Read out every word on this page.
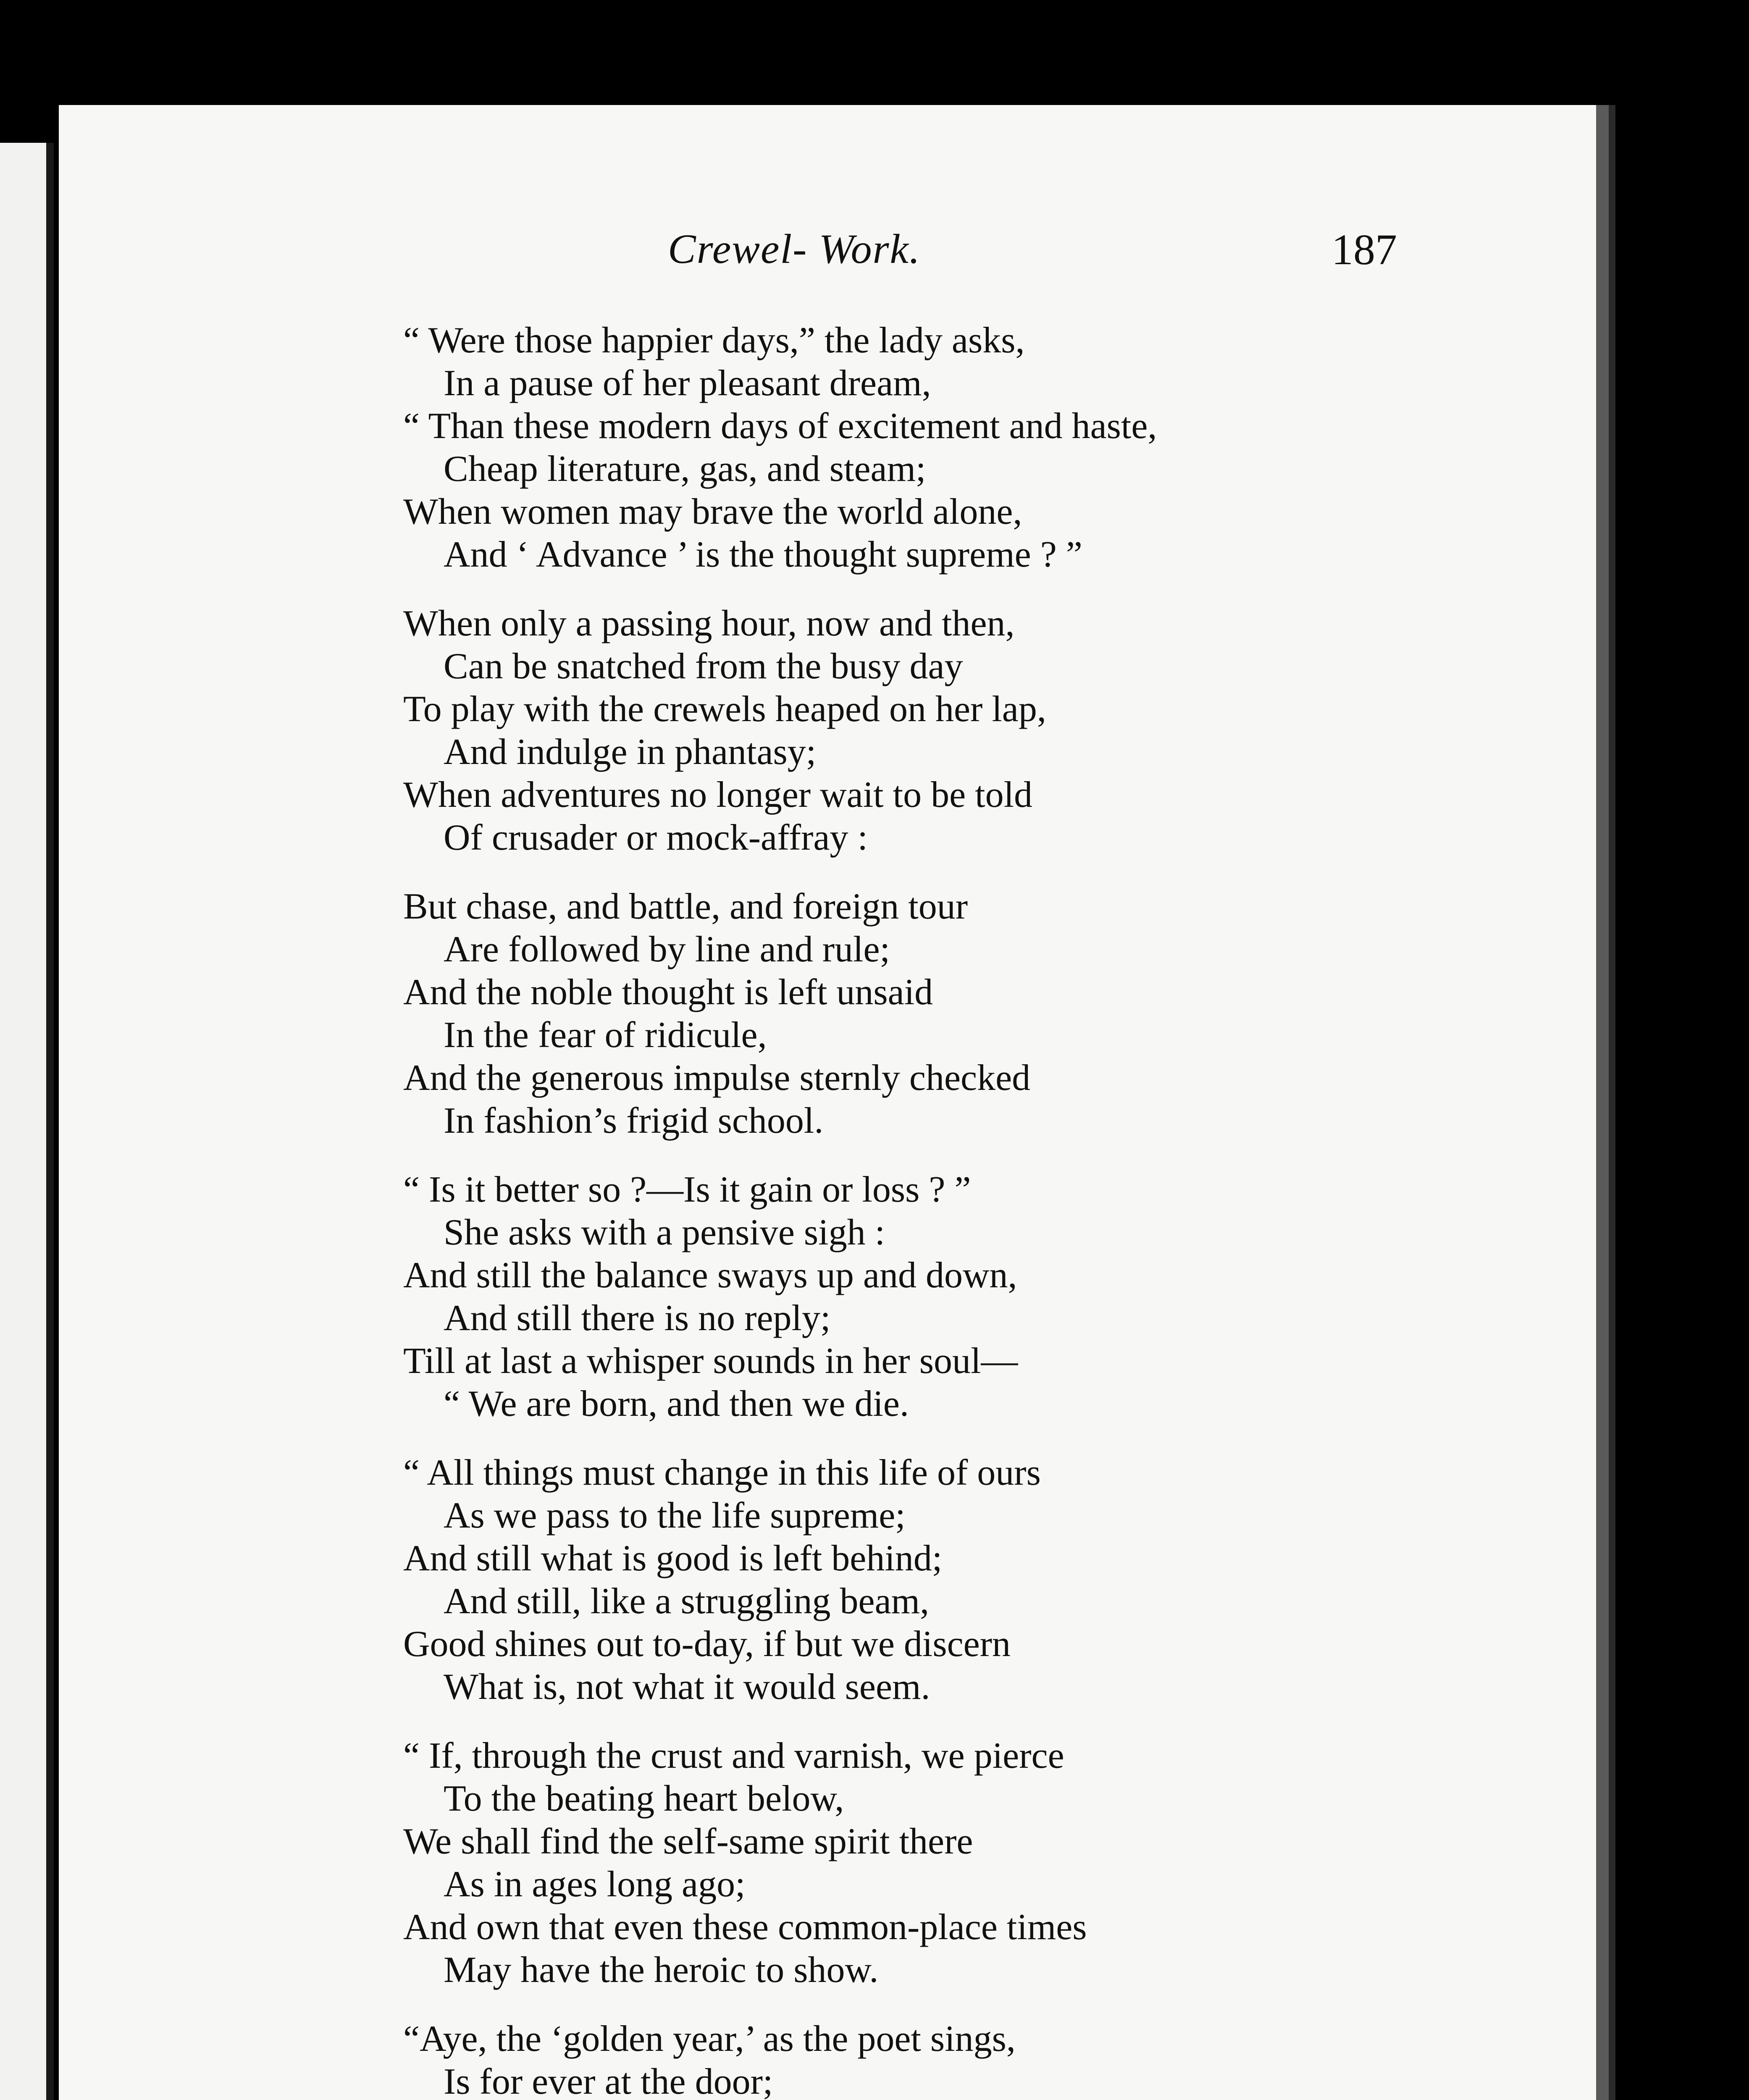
Crewel- Work.	187
“ Were those happier days,” the lady asks,
In a pause of her pleasant dream,
“ Than these modern days of excitement and haste,
Cheap literature, gas, and steam;
When women may brave the world alone,
And ‘ Advance ’ is the thought supreme ? ”
When only a passing hour, now and then,
Can be snatched from the busy day
To play with the crewels heaped on her lap,
And indulge in phantasy;
When adventures no longer wait to be told
Of crusader or mock-affray :
But chase, and battle, and foreign tour
Are followed by line and rule;
And the noble thought is left unsaid
In the fear of ridicule,
And the generous impulse sternly checked
In fashion’s frigid school.
“ Is it better so ?—Is it gain or loss ? ”
She asks with a pensive sigh :
And still the balance sways up and down,
And still there is no reply;
Till at last a whisper sounds in her soul—
“ We are born, and then we die.
“ All things must change in this life of ours
As we pass to the life supreme;
And still what is good is left behind;
And still, like a struggling beam,
Good shines out to-day, if but we discern
What is, not what it would seem.
“ If, through the crust and varnish, we pierce
To the beating heart below,
We shall find the self-same spirit there
As in ages long ago;
And own that even these common-place times
May have the heroic to show.
“Aye, the ‘golden year,’ as the poet sings,
Is for ever at the door;
